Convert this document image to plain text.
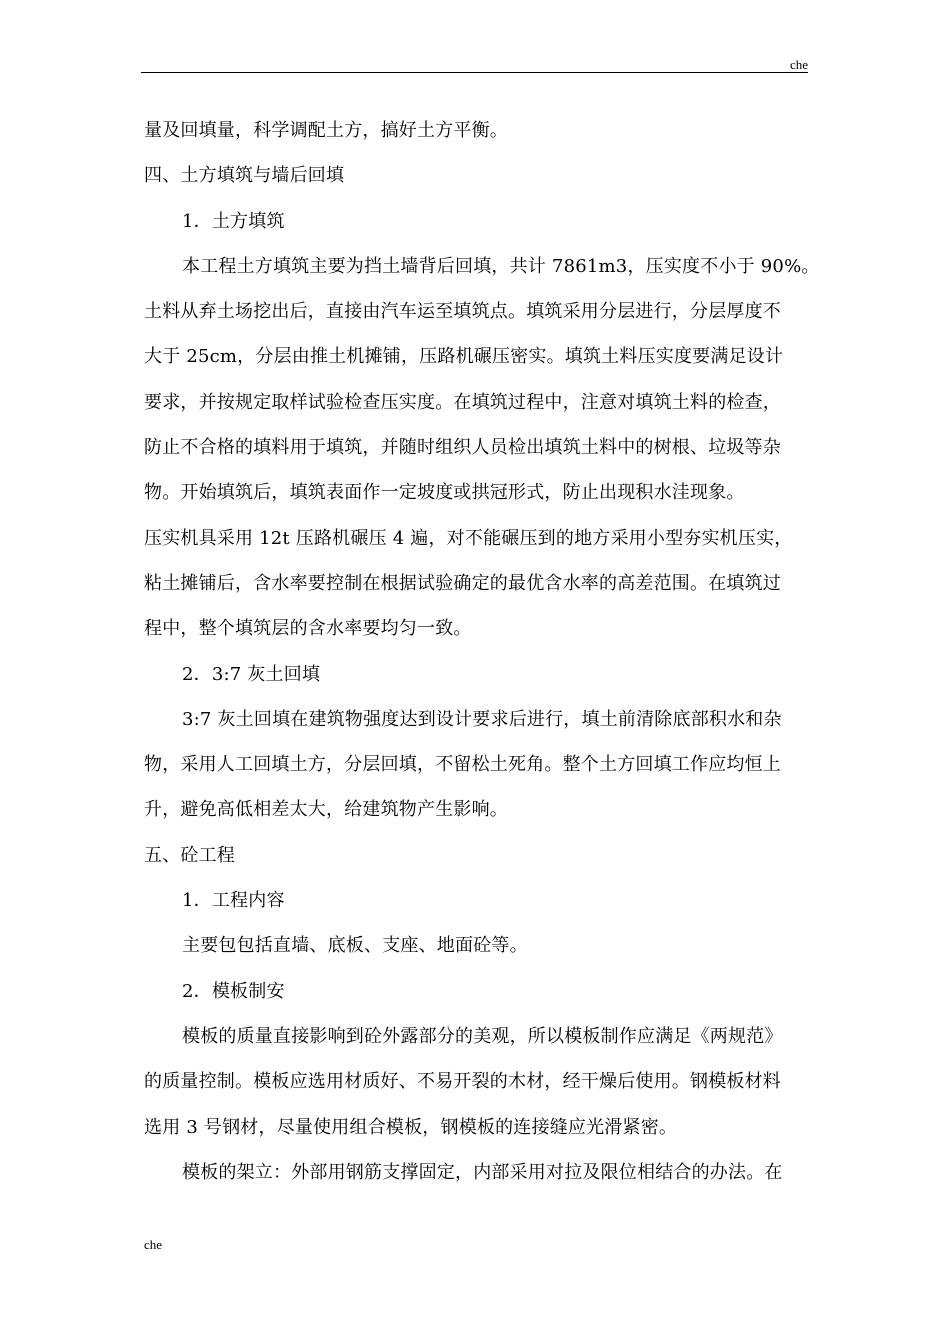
che
量及回填量，科学调配土方，搞好土方平衡。
四、土方填筑与墙后回填
1．土方填筑
本工程土方填筑主要为挡土墙背后回填，共计 7861m3，压实度不小于 90%。
土料从弃土场挖出后，直接由汽车运至填筑点。填筑采用分层进行，分层厚度不
大于 25cm，分层由推土机摊铺，压路机碾压密实。填筑土料压实度要满足设计
要求，并按规定取样试验检查压实度。在填筑过程中，注意对填筑土料的检查，
防止不合格的填料用于填筑，并随时组织人员检出填筑土料中的树根、垃圾等杂
物。开始填筑后，填筑表面作一定坡度或拱冠形式，防止出现积水洼现象。
压实机具采用 12t 压路机碾压 4 遍，对不能碾压到的地方采用小型夯实机压实，
粘土摊铺后，含水率要控制在根据试验确定的最优含水率的高差范围。在填筑过
程中，整个填筑层的含水率要均匀一致。
2．3:7 灰土回填
3:7 灰土回填在建筑物强度达到设计要求后进行，填土前清除底部积水和杂
物，采用人工回填土方，分层回填，不留松土死角。整个土方回填工作应均恒上
升，避免高低相差太大，给建筑物产生影响。
五、砼工程
1．工程内容
主要包包括直墙、底板、支座、地面砼等。
2．模板制安
模板的质量直接影响到砼外露部分的美观，所以模板制作应满足《两规范》
的质量控制。模板应选用材质好、不易开裂的木材，经干燥后使用。钢模板材料
选用 3 号钢材，尽量使用组合模板，钢模板的连接缝应光滑紧密。
模板的架立：外部用钢筋支撑固定，内部采用对拉及限位相结合的办法。在
che
